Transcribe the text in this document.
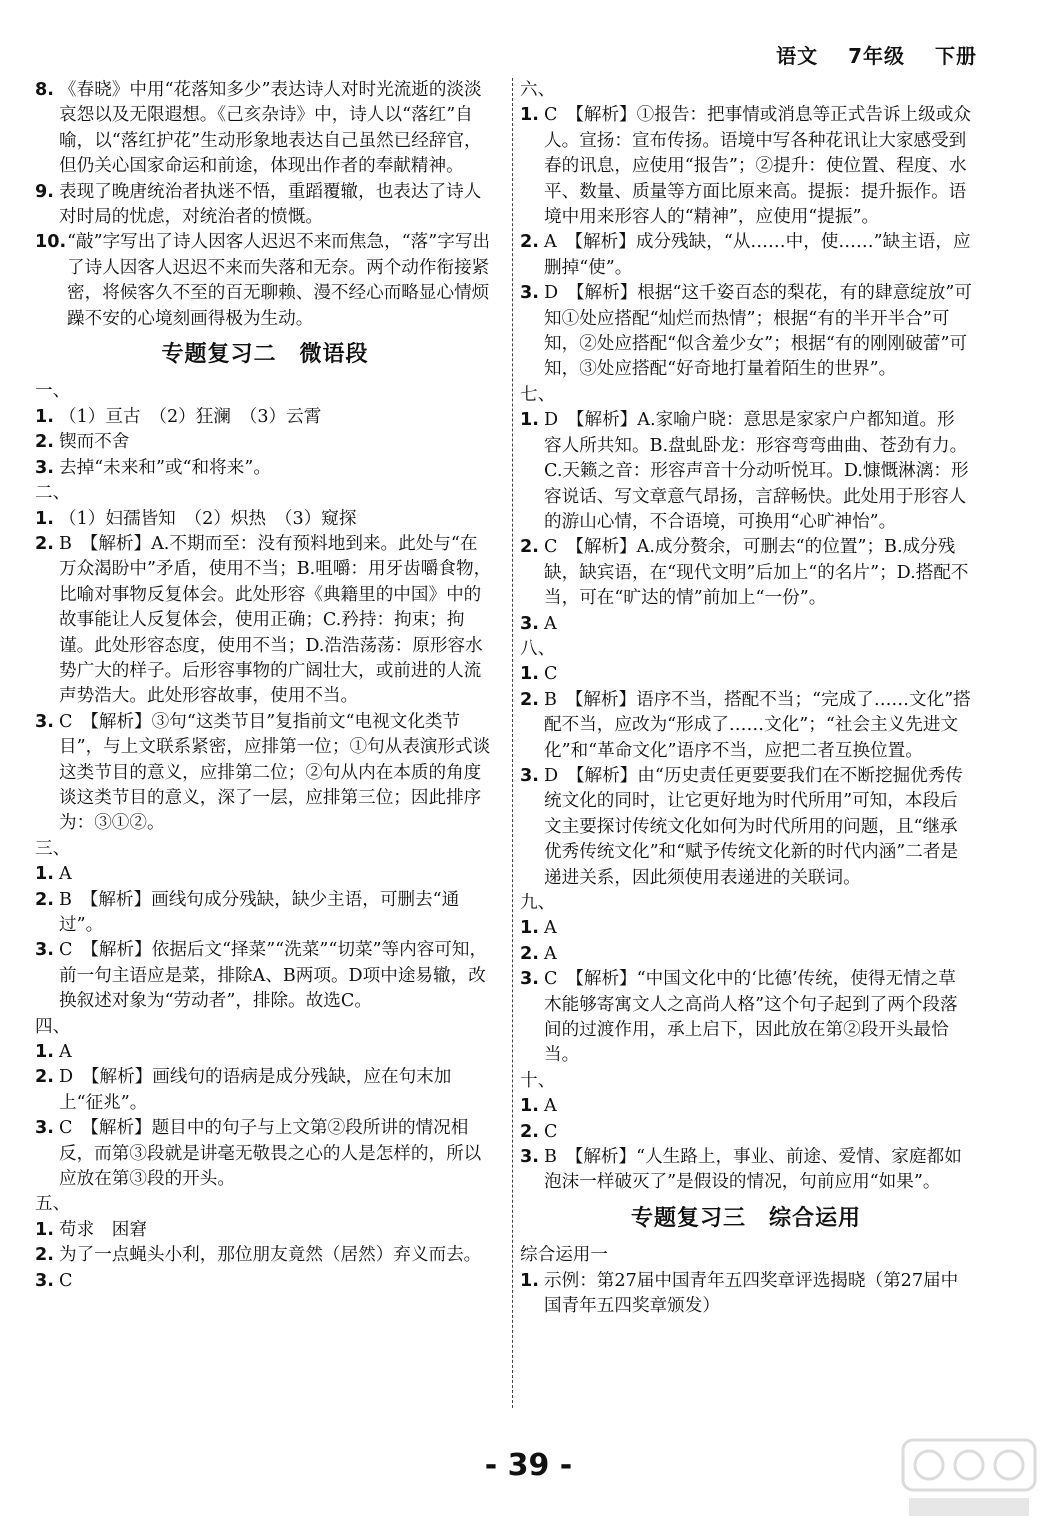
语文 7年级 下册
8. 《春晓》中用“花落知多少”表达诗人对时光流逝的淡淡哀怨以及无限遐想。《己亥杂诗》中，诗人以“落红”自喻，以“落红护花”生动形象地表达自己虽然已经辞官，但仍关心国家命运和前途，体现出作者的奉献精神。
9. 表现了晚唐统治者执迷不悟，重蹈覆辙，也表达了诗人对时局的忧虑，对统治者的愤慨。
10. “敲”字写出了诗人因客人迟迟不来而焦急，“落”字写出了诗人因客人迟迟不来而失落和无奈。两个动作衔接紧密，将候客久不至的百无聊赖、漫不经心而略显心情烦躁不安的心境刻画得极为生动。
专题复习二　微语段
一、
1. （1）亘古　（2）狂澜　（3）云霄
2. 锲而不舍
3. 去掉“未来和”或“和将来”。
二、
1. （1）妇孺皆知　（2）炽热　（3）窥探
2. B　【解析】A.不期而至：没有预料地到来。此处与“在万众渴盼中”矛盾，使用不当；B.咀嚼：用牙齿嚼食物，比喻对事物反复体会。此处形容《典籍里的中国》中的故事能让人反复体会，使用正确；C.矜持：拘束；拘谨。此处形容态度，使用不当；D.浩浩荡荡：原形容水势广大的样子。后形容事物的广阔壮大，或前进的人流声势浩大。此处形容故事，使用不当。
3. C　【解析】③句“这类节目”复指前文“电视文化类节目”，与上文联系紧密，应排第一位；①句从表演形式谈这类节目的意义，应排第二位；②句从内在本质的角度谈这类节目的意义，深了一层，应排第三位；因此排序为：③①②。
三、
1. A
2. B　【解析】画线句成分残缺，缺少主语，可删去“通过”。
3. C　【解析】依据后文“择菜”“洗菜”“切菜”等内容可知，前一句主语应是菜，排除A、B两项。D项中途易辙，改换叙述对象为“劳动者”，排除。故选C。
四、
1. A
2. D　【解析】画线句的语病是成分残缺，应在句末加上“征兆”。
3. C　【解析】题目中的句子与上文第②段所讲的情况相反，而第③段就是讲毫无敬畏之心的人是怎样的，所以应放在第③段的开头。
五、
1. 苟求　困窘
2. 为了一点蝇头小利，那位朋友竟然（居然）弃义而去。
3. C
六、
1. C　【解析】①报告：把事情或消息等正式告诉上级或众人。宣扬：宣布传扬。语境中写各种花讯让大家感受到春的讯息，应使用“报告”；②提升：使位置、程度、水平、数量、质量等方面比原来高。提振：提升振作。语境中用来形容人的“精神”，应使用“提振”。
2. A　【解析】成分残缺，“从……中，使……”缺主语，应删掉“使”。
3. D　【解析】根据“这千姿百态的梨花，有的肆意绽放”可知①处应搭配“灿烂而热情”；根据“有的半开半合”可知，②处应搭配“似含羞少女”；根据“有的刚刚破蕾”可知，③处应搭配“好奇地打量着陌生的世界”。
七、
1. D　【解析】A.家喻户晓：意思是家家户户都知道。形容人所共知。B.盘虬卧龙：形容弯弯曲曲、苍劲有力。C.天籁之音：形容声音十分动听悦耳。D.慷慨淋漓：形容说话、写文章意气昂扬，言辞畅快。此处用于形容人的游山心情，不合语境，可换用“心旷神怡”。
2. C　【解析】A.成分赘余，可删去“的位置”；B.成分残缺，缺宾语，在“现代文明”后加上“的名片”；D.搭配不当，可在“旷达的情”前加上“一份”。
3. A
八、
1. C
2. B　【解析】语序不当，搭配不当；“完成了……文化”搭配不当，应改为“形成了……文化”；“社会主义先进文化”和“革命文化”语序不当，应把二者互换位置。
3. D　【解析】由“历史责任更要要我们在不断挖掘优秀传统文化的同时，让它更好地为时代所用”可知，本段后文主要探讨传统文化如何为时代所用的问题，且“继承优秀传统文化”和“赋予传统文化新的时代内涵”二者是递进关系，因此须使用表递进的关联词。
九、
1. A
2. A
3. C　【解析】“中国文化中的‘比德’传统，使得无情之草木能够寄寓文人之高尚人格”这个句子起到了两个段落间的过渡作用，承上启下，因此放在第②段开头最恰当。
十、
1. A
2. C
3. B　【解析】“人生路上，事业、前途、爱情、家庭都如泡沫一样破灭了”是假设的情况，句前应用“如果”。
专题复习三　综合运用
综合运用一
1. 示例：第27届中国青年五四奖章评选揭晓（第27届中国青年五四奖章颁发）
- 39 -
